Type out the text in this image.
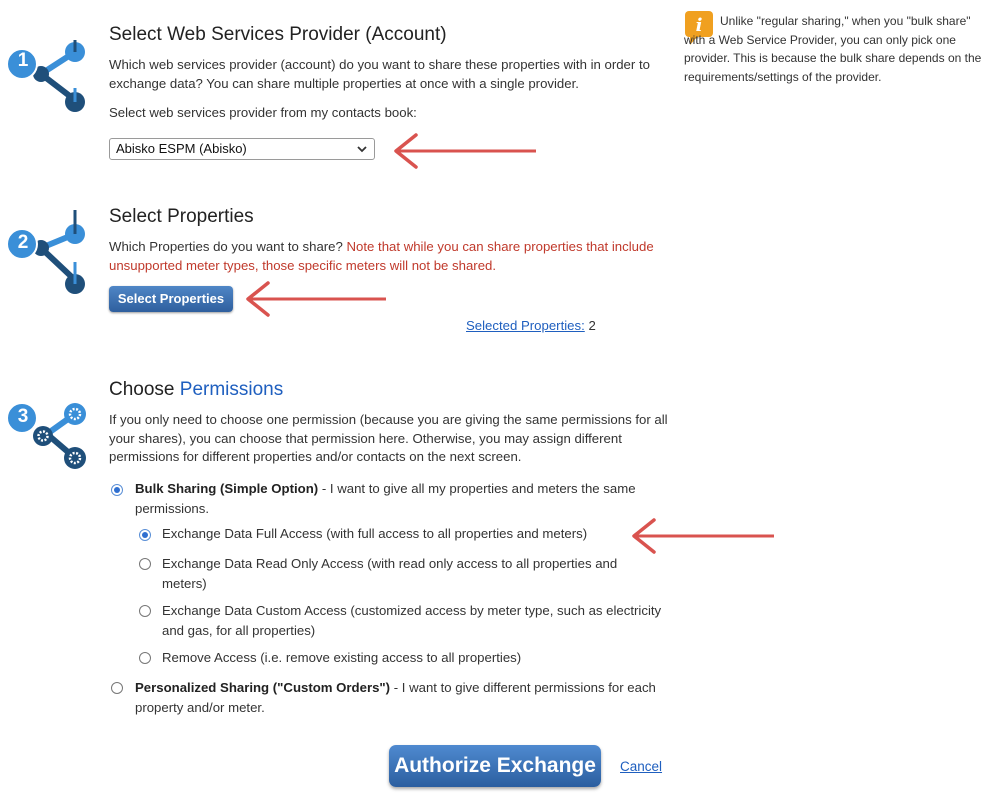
1
Select Web Services Provider (Account)
Which web services provider (account) do you want to share these properties with in order to exchange data? You can share multiple properties at once with a single provider.
Select web services provider from my contacts book:
Abisko ESPM (Abisko)
i	Unlike "regular sharing," when you "bulk share" with a Web Service Provider, you can only pick one provider. This is because the bulk share depends on the requirements/settings of the provider.
2
Select Properties
Which Properties do you want to share? Note that while you can share properties that include unsupported meter types, those specific meters will not be shared.
Select Properties
Selected Properties: 2
3
Choose Permissions
If you only need to choose one permission (because you are giving the same permissions for all your shares), you can choose that permission here. Otherwise, you may assign different permissions for different properties and/or contacts on the next screen.
Bulk Sharing (Simple Option) - I want to give all my properties and meters the same permissions.
Exchange Data Full Access (with full access to all properties and meters)
Exchange Data Read Only Access (with read only access to all properties and meters)
Exchange Data Custom Access (customized access by meter type, such as electricity and gas, for all properties)
Remove Access (i.e. remove existing access to all properties)
Personalized Sharing ("Custom Orders") - I want to give different permissions for each property and/or meter.
Authorize Exchange	Cancel
